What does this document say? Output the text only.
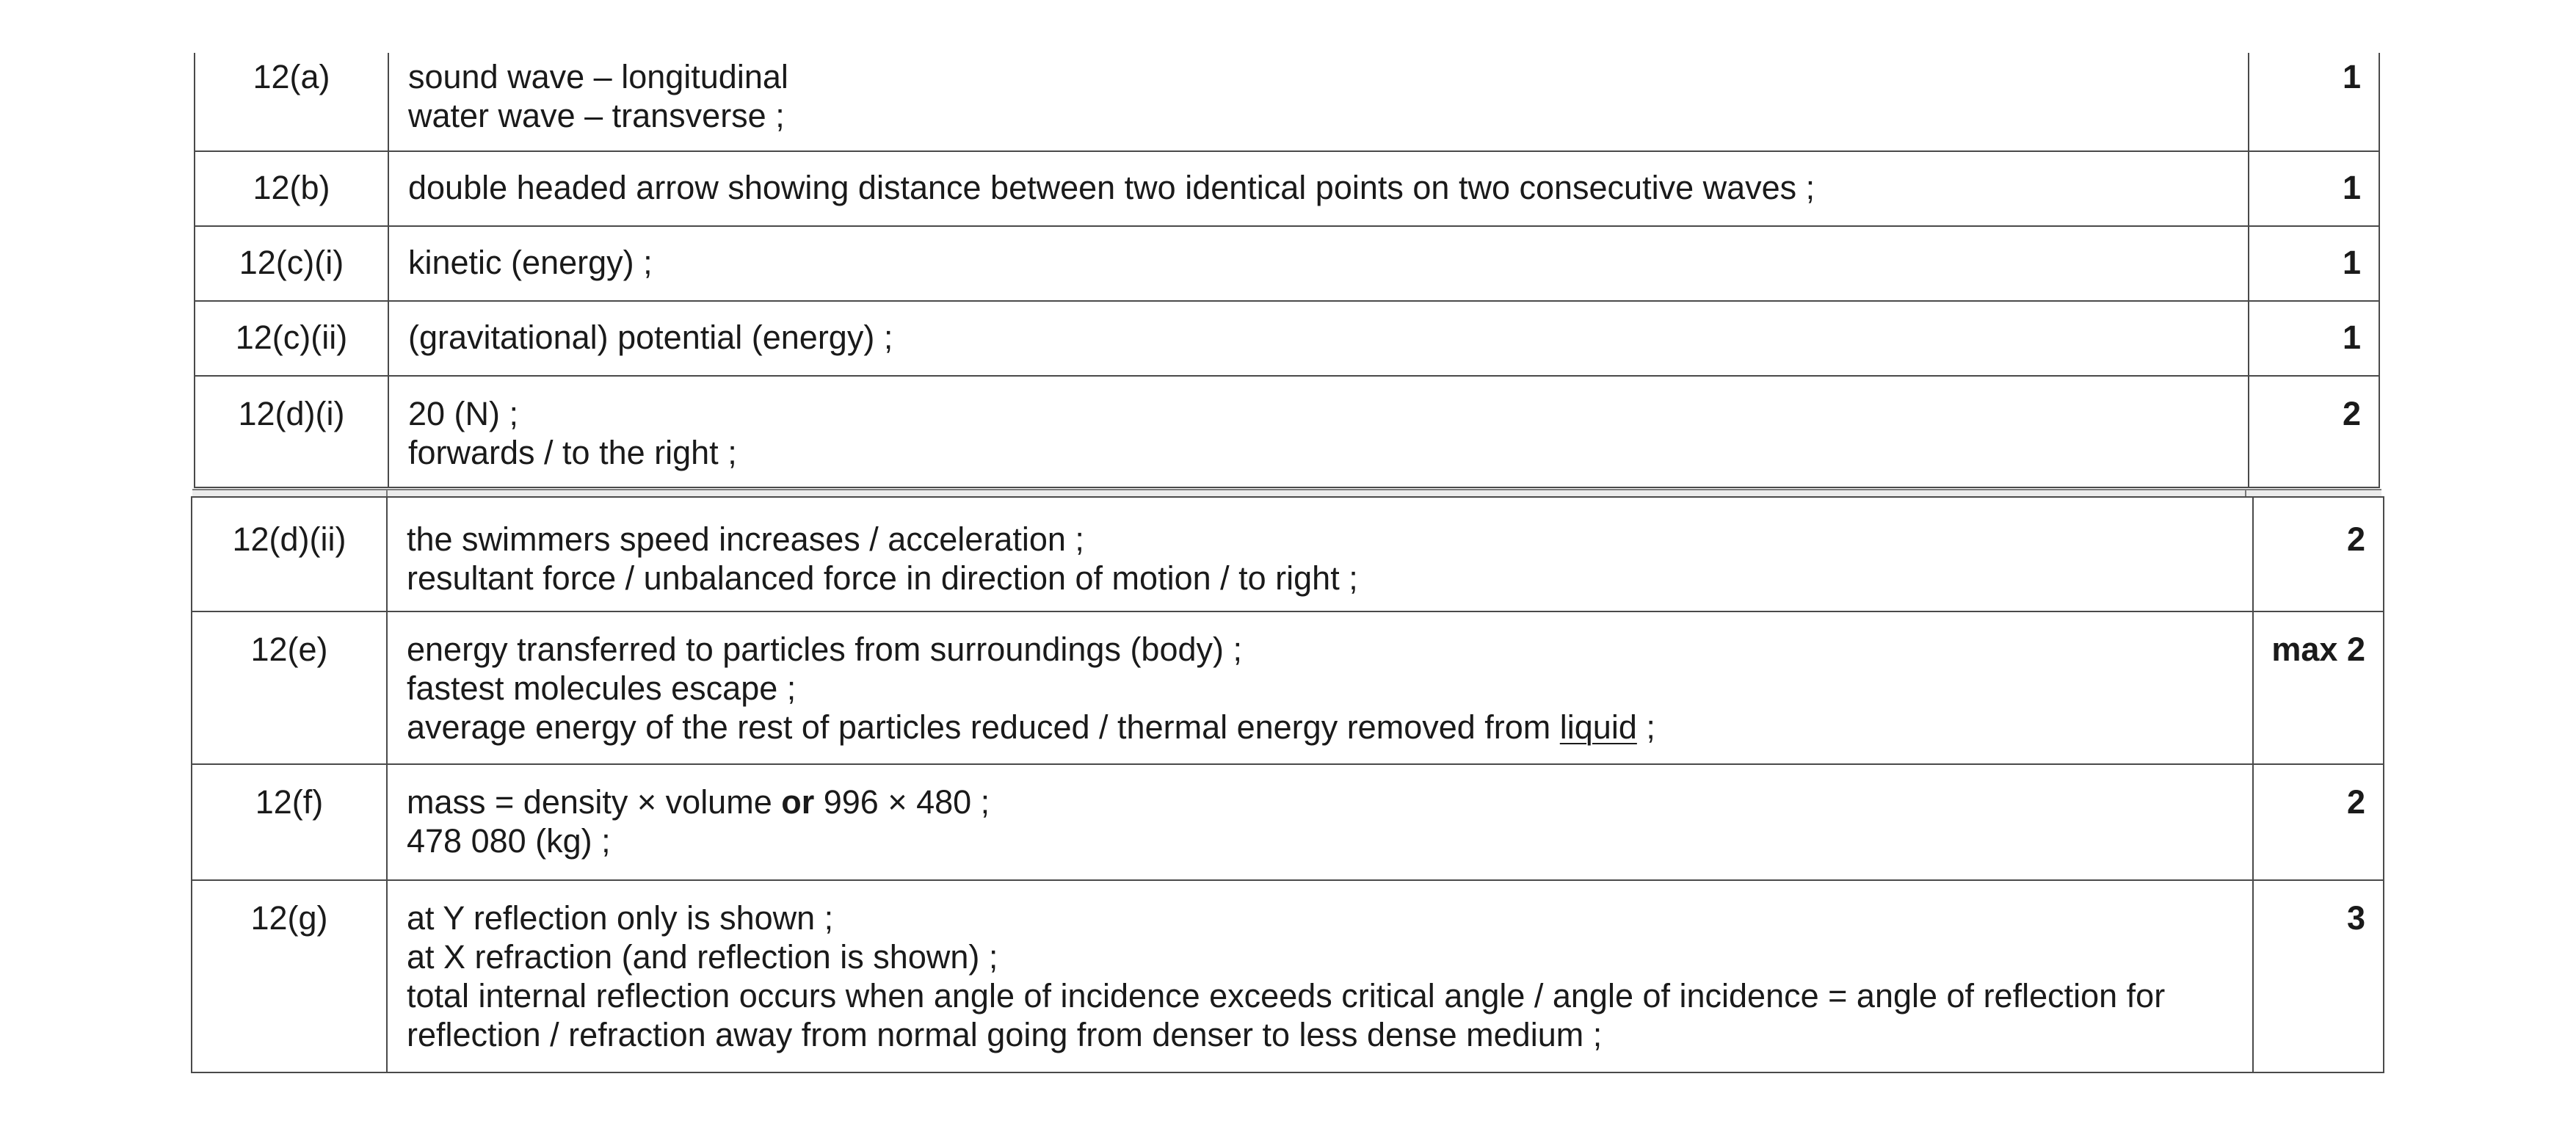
12(a)	sound wave – longitudinal
water wave – transverse ;	1
12(b)	double headed arrow showing distance between two identical points on two consecutive waves ;	1
12(c)(i)	kinetic (energy) ;	1
12(c)(ii)	(gravitational) potential (energy) ;	1
12(d)(i)	20 (N) ;
forwards / to the right ;	2
12(d)(ii)	the swimmers speed increases / acceleration ;
resultant force / unbalanced force in direction of motion / to right ;	2
12(e)	energy transferred to particles from surroundings (body) ;
fastest molecules escape ;
average energy of the rest of particles reduced / thermal energy removed from liquid ;	max 2
12(f)	mass = density × volume or 996 × 480 ;
478 080 (kg) ;	2
12(g)	at Y reflection only is shown ;
at X refraction (and reflection is shown) ;
total internal reflection occurs when angle of incidence exceeds critical angle / angle of incidence = angle of reflection for reflection / refraction away from normal going from denser to less dense medium ;	3
